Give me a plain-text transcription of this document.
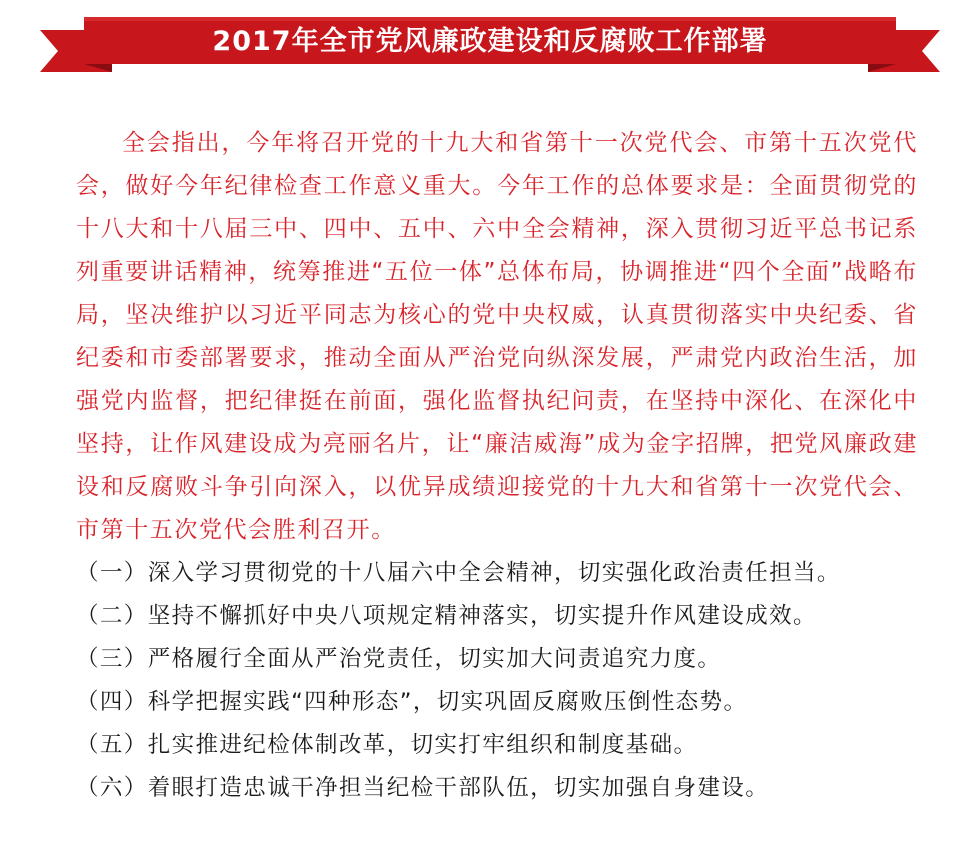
2017年全市党风廉政建设和反腐败工作部署

全会指出，今年将召开党的十九大和省第十一次党代会、市第十五次党代会，做好今年纪律检查工作意义重大。今年工作的总体要求是：全面贯彻党的十八大和十八届三中、四中、五中、六中全会精神，深入贯彻习近平总书记系列重要讲话精神，统筹推进“五位一体”总体布局，协调推进“四个全面”战略布局，坚决维护以习近平同志为核心的党中央权威，认真贯彻落实中央纪委、省纪委和市委部署要求，推动全面从严治党向纵深发展，严肃党内政治生活，加强党内监督，把纪律挺在前面，强化监督执纪问责，在坚持中深化、在深化中坚持，让作风建设成为亮丽名片，让“廉洁威海”成为金字招牌，把党风廉政建设和反腐败斗争引向深入，以优异成绩迎接党的十九大和省第十一次党代会、市第十五次党代会胜利召开。

（一）深入学习贯彻党的十八届六中全会精神，切实强化政治责任担当。
（二）坚持不懈抓好中央八项规定精神落实，切实提升作风建设成效。
（三）严格履行全面从严治党责任，切实加大问责追究力度。
（四）科学把握实践“四种形态”，切实巩固反腐败压倒性态势。
（五）扎实推进纪检体制改革，切实打牢组织和制度基础。
（六）着眼打造忠诚干净担当纪检干部队伍，切实加强自身建设。
